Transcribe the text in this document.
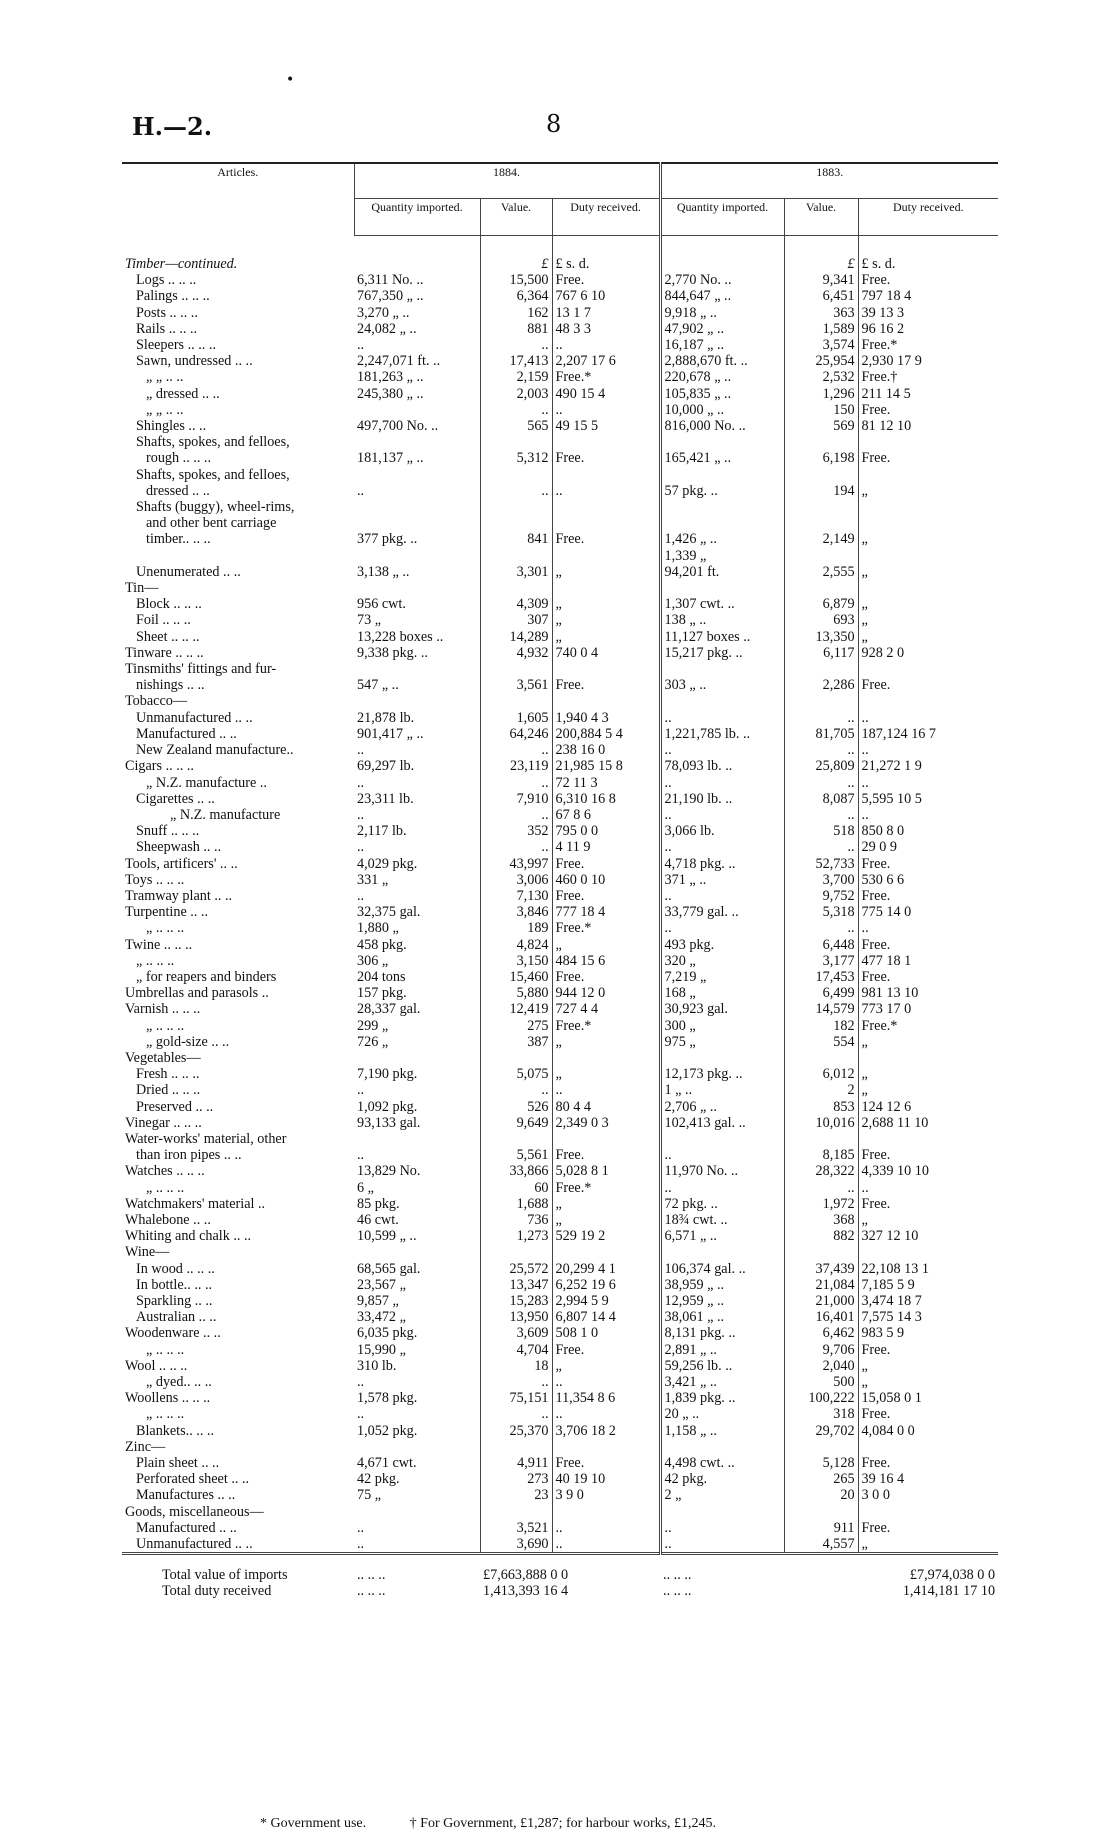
•
H.—2.	8
Articles.	1884.			1883.		
	Quantity imported.	Value.	Duty received.	Quantity imported.	Value.	Duty received.

Timber—continued.		£	£ s. d.		£	£ s. d.
Logs .. .. ..	6,311 No. ..	15,500	Free.	2,770 No. ..	9,341	Free.
Palings .. .. ..	767,350 „ ..	6,364	767 6 10	844,647 „ ..	6,451	797 18 4
Posts .. .. ..	3,270 „ ..	162	13 1 7	9,918 „ ..	363	39 13 3
Rails .. .. ..	24,082 „ ..	881	48 3 3	47,902 „ ..	1,589	96 16 2
Sleepers .. .. ..	..	..	..	16,187 „ ..	3,574	Free.*
Sawn, undressed .. ..	2,247,071 ft. ..	17,413	2,207 17 6	2,888,670 ft. ..	25,954	2,930 17 9
„ „ .. ..	181,263 „ ..	2,159	Free.*	220,678 „ ..	2,532	Free.†
„ dressed .. ..	245,380 „ ..	2,003	490 15 4	105,835 „ ..	1,296	211 14 5
„ „ .. ..		..	..	10,000 „ ..	150	Free.
Shingles .. ..	497,700 No. ..	565	49 15 5	816,000 No. ..	569	81 12 10
Shafts, spokes, and felloes,						
rough .. .. ..	181,137 „ ..	5,312	Free.	165,421 „ ..	6,198	Free.
Shafts, spokes, and felloes,						
dressed .. ..	..	..	..	57 pkg. ..	194	„
Shafts (buggy), wheel-rims,						
and other bent carriage						
timber.. .. ..	377 pkg. ..	841	Free.	1,426 „ ..	2,149	„
				1,339 „		
Unenumerated .. ..	3,138 „ ..	3,301	„	94,201 ft.	2,555	„
Tin—						
Block .. .. ..	956 cwt.	4,309	„	1,307 cwt. ..	6,879	„
Foil .. .. ..	73 „	307	„	138 „ ..	693	„
Sheet .. .. ..	13,228 boxes ..	14,289	„	11,127 boxes ..	13,350	„
Tinware .. .. ..	9,338 pkg. ..	4,932	740 0 4	15,217 pkg. ..	6,117	928 2 0
Tinsmiths' fittings and fur-						
nishings .. ..	547 „ ..	3,561	Free.	303 „ ..	2,286	Free.
Tobacco—						
Unmanufactured .. ..	21,878 lb.	1,605	1,940 4 3	..	..	..
Manufactured .. ..	901,417 „ ..	64,246	200,884 5 4	1,221,785 lb. ..	81,705	187,124 16 7
New Zealand manufacture..	..	..	238 16 0	..	..	..
Cigars .. .. ..	69,297 lb.	23,119	21,985 15 8	78,093 lb. ..	25,809	21,272 1 9
„ N.Z. manufacture ..	..	..	72 11 3	..	..	..
Cigarettes .. ..	23,311 lb.	7,910	6,310 16 8	21,190 lb. ..	8,087	5,595 10 5
„ N.Z. manufacture	..	..	67 8 6	..	..	..
Snuff .. .. ..	2,117 lb.	352	795 0 0	3,066 lb.	518	850 8 0
Sheepwash .. ..	..	..	4 11 9	..	..	29 0 9
Tools, artificers' .. ..	4,029 pkg.	43,997	Free.	4,718 pkg. ..	52,733	Free.
Toys .. .. ..	331 „	3,006	460 0 10	371 „ ..	3,700	530 6 6
Tramway plant .. ..	..	7,130	Free.	..	9,752	Free.
Turpentine .. ..	32,375 gal.	3,846	777 18 4	33,779 gal. ..	5,318	775 14 0
„ .. .. ..	1,880 „	189	Free.*	..	..	..
Twine .. .. ..	458 pkg.	4,824	„	493 pkg.	6,448	Free.
„ .. .. ..	306 „	3,150	484 15 6	320 „	3,177	477 18 1
„ for reapers and binders	204 tons	15,460	Free.	7,219 „	17,453	Free.
Umbrellas and parasols ..	157 pkg.	5,880	944 12 0	168 „	6,499	981 13 10
Varnish .. .. ..	28,337 gal.	12,419	727 4 4	30,923 gal.	14,579	773 17 0
„ .. .. ..	299 „	275	Free.*	300 „	182	Free.*
„ gold-size .. ..	726 „	387	„	975 „	554	„
Vegetables—						
Fresh .. .. ..	7,190 pkg.	5,075	„	12,173 pkg. ..	6,012	„
Dried .. .. ..	..	..	..	1 „ ..	2	„
Preserved .. ..	1,092 pkg.	526	80 4 4	2,706 „ ..	853	124 12 6
Vinegar .. .. ..	93,133 gal.	9,649	2,349 0 3	102,413 gal. ..	10,016	2,688 11 10
Water-works' material, other						
than iron pipes .. ..	..	5,561	Free.	..	8,185	Free.
Watches .. .. ..	13,829 No.	33,866	5,028 8 1	11,970 No. ..	28,322	4,339 10 10
„ .. .. ..	6 „	60	Free.*	..	..	..
Watchmakers' material ..	85 pkg.	1,688	„	72 pkg. ..	1,972	Free.
Whalebone .. ..	46 cwt.	736	„	18¾ cwt. ..	368	„
Whiting and chalk .. ..	10,599 „ ..	1,273	529 19 2	6,571 „ ..	882	327 12 10
Wine—						
In wood .. .. ..	68,565 gal.	25,572	20,299 4 1	106,374 gal. ..	37,439	22,108 13 1
In bottle.. .. ..	23,567 „	13,347	6,252 19 6	38,959 „ ..	21,084	7,185 5 9
Sparkling .. ..	9,857 „	15,283	2,994 5 9	12,959 „ ..	21,000	3,474 18 7
Australian .. ..	33,472 „	13,950	6,807 14 4	38,061 „ ..	16,401	7,575 14 3
Woodenware .. ..	6,035 pkg.	3,609	508 1 0	8,131 pkg. ..	6,462	983 5 9
„ .. .. ..	15,990 „	4,704	Free.	2,891 „ ..	9,706	Free.
Wool .. .. ..	310 lb.	18	„	59,256 lb. ..	2,040	„
„ dyed.. .. ..	..	..	..	3,421 „ ..	500	„
Woollens .. .. ..	1,578 pkg.	75,151	11,354 8 6	1,839 pkg. ..	100,222	15,058 0 1
„ .. .. ..	..	..	..	20 „ ..	318	Free.
Blankets.. .. ..	1,052 pkg.	25,370	3,706 18 2	1,158 „ ..	29,702	4,084 0 0
Zinc—						
Plain sheet .. ..	4,671 cwt.	4,911	Free.	4,498 cwt. ..	5,128	Free.
Perforated sheet .. ..	42 pkg.	273	40 19 10	42 pkg.	265	39 16 4
Manufactures .. ..	75 „	23	3 9 0	2 „	20	3 0 0
Goods, miscellaneous—						
Manufactured .. ..	..	3,521	..	..	911	Free.
Unmanufactured .. ..	..	3,690	..	..	4,557	„
Total value of imports	.. .. ..	£7,663,888 0 0		.. .. ..	£7,974,038 0 0	
Total duty received	.. .. ..	1,413,393 16 4		.. .. ..	1,414,181 17 10	
* Government use.	† For Government, £1,287; for harbour works, £1,245.
